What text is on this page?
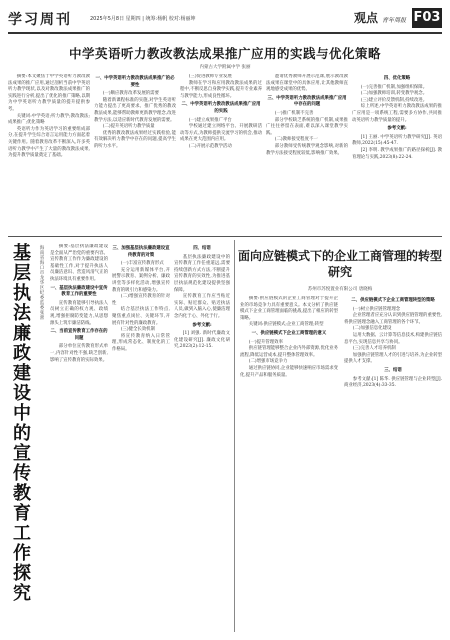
学习周刊	2025年5月8日 星期四 | 统筹:杨帆 校对:杨丽坤	观点 青年周报 F03
中学英语听力教改教法成果推广应用的实践与优化策略
内蒙古大学附属中学 张丽

摘要:本文聚焦于中学英语听力教改教法成果的推广应用,通过剖析当前中学英语听力教学现状,以及对教改教法成果推广的实践进行分析,提出了优化的推广策略,以期为中学英语听力教学质量的提升提供参考。

关键词:中学英语;听力教学;教改教法;成果推广;优化策略

英语听力作为英语学习的重要组成部分,在提升学生综合语言运用能力方面起着关键作用。随着教育改革不断深入,许多英语听力教学中产生了大量的教改教法成果,为提升教学质量奠定了基础。

一、中学英语听力教改教法成果推广的必要性

(一)顺应教育改革发展的需要

随着新课程标准的实施,对学生英语听力能力提出了更高要求。推广优秀的教改教法成果,能够帮助教师更新教学理念,改进教学方法,以适应新时代教育发展的需要。

(二)提升英语听力教学质量

优秀的教改教法成果经过实践检验,能有效解决听力教学中存在的问题,提高学生的听力水平。

(三)促进教师专业发展

教师在学习和应用教改教法成果的过程中,不断反思自身教学实践,提升专业素养与教学能力,形成良性循环。

二、中学英语听力教改教法成果推广应用的实践

(一)建立成果推广平台

学校通过建立网络平台、开展教研活动等方式,为教师提供交流学习的机会,推动成果在更大范围内应用。

(二)开展示范教学活动

邀请优秀教师开展示范课,展示教改教法成果在课堂中的具体应用,让其他教师直观地感受成果的优势。

三、中学英语听力教改教法成果推广应用中存在的问题

(一)推广机制不完善

部分学校缺乏系统的推广机制,成果推广往往停留在表面,难以深入课堂教学实践。

(二)教师接受程度不一

部分教师受传统教学观念影响,对新的教学方法接受程度较低,影响推广效果。

四、优化策略

(一)完善推广机制,加强组织保障。

(二)加强教师培训,转变教学观念。

(三)建立评价反馈机制,持续改进。

综上所述,中学英语听力教改教法成果的推广应用是一项系统工程,需要多方协作,共同推动英语听力教学质量的提升。

参考文献:

[1] 王丽. 中学英语听力教学研究[J]. 英语教师,2022(15):45-47.

[2] 李明. 教学成果推广的路径探析[J]. 教育理论与实践,2023(8):22-24.

基层执法廉政建设中的宣传教育工作探究
海南省海口市龙华区纪委监委 张蕾

摘要:基层执法廉政建设是全面从严治党的重要内容。宣传教育工作作为廉政建设的基础性工作,对于提升执法人员廉洁意识、营造风清气正的执法环境具有重要作用。

一、基层执法廉政建设中宣传教育工作的重要性

宣传教育能够引导执法人员树立正确的权力观、政绩观,增强拒腐防变能力,从思想源头上筑牢廉洁防线。

二、当前宣传教育工作存在的问题

部分单位宣传教育形式单一,内容针对性不强,缺乏创新,影响了宣传教育的实际效果。

三、加强基层执法廉政建设宣传教育的对策

(一)丰富宣传教育形式

充分运用新媒体平台,开展警示教育、案例分析、廉政讲堂等多样化活动,增强宣传教育的吸引力和感染力。

(二)增强宣传教育的针对性

结合基层执法工作特点,聚焦重点岗位、关键环节,开展有针对性的廉政教育。

(三)健全长效机制

将宣传教育纳入日常管理,形成常态化、制度化的工作格局。

四、结语

基层执法廉政建设中的宣传教育工作任重道远,需要持续创新方式方法,不断提升宣传教育的实效性,为推进基层执法规范化建设提供坚强保障。

宣传教育工作应当贴近实际、贴近群众、贴近执法人员,做到入脑入心,使廉洁理念内化于心、外化于行。

参考文献:

[1] 刘强. 新时代廉政文化建设研究[J]. 廉政文化研究,2023(2):12-15.

面向应链模式下的企业工商管理的转型研究
苏州市苏悦置业有限公司 唐晓梅

摘要:供应链模式的企业工商管理对于提升企业的市场竞争力具有重要意义。本文分析了供应链模式下企业工商管理面临的挑战,提出了相应的转型策略。

关键词:供应链模式;企业工商管理;转型

一、供应链模式下企业工商管理的意义

(一)提升管理效率

供应链管理能够整合企业内外部资源,优化业务流程,降低运营成本,提升整体管理效率。

(二)增强市场竞争力

通过供应链协同,企业能够快速响应市场需求变化,提升产品和服务质量。

二、供应链模式下企业工商管理转型的策略

(一)树立供应链管理理念

企业管理者应充分认识到供应链管理的重要性,将供应链理念融入工商管理的各个环节。

(二)加强信息化建设

运用大数据、云计算等信息技术,构建供应链信息平台,实现信息共享与协同。

(三)完善人才培养机制

加强供应链管理人才的引进与培养,为企业转型提供人才支撑。

三、结语

参考文献:[1] 陈华. 供应链管理与企业转型[J]. 商业经济,2023(4):33-35.
